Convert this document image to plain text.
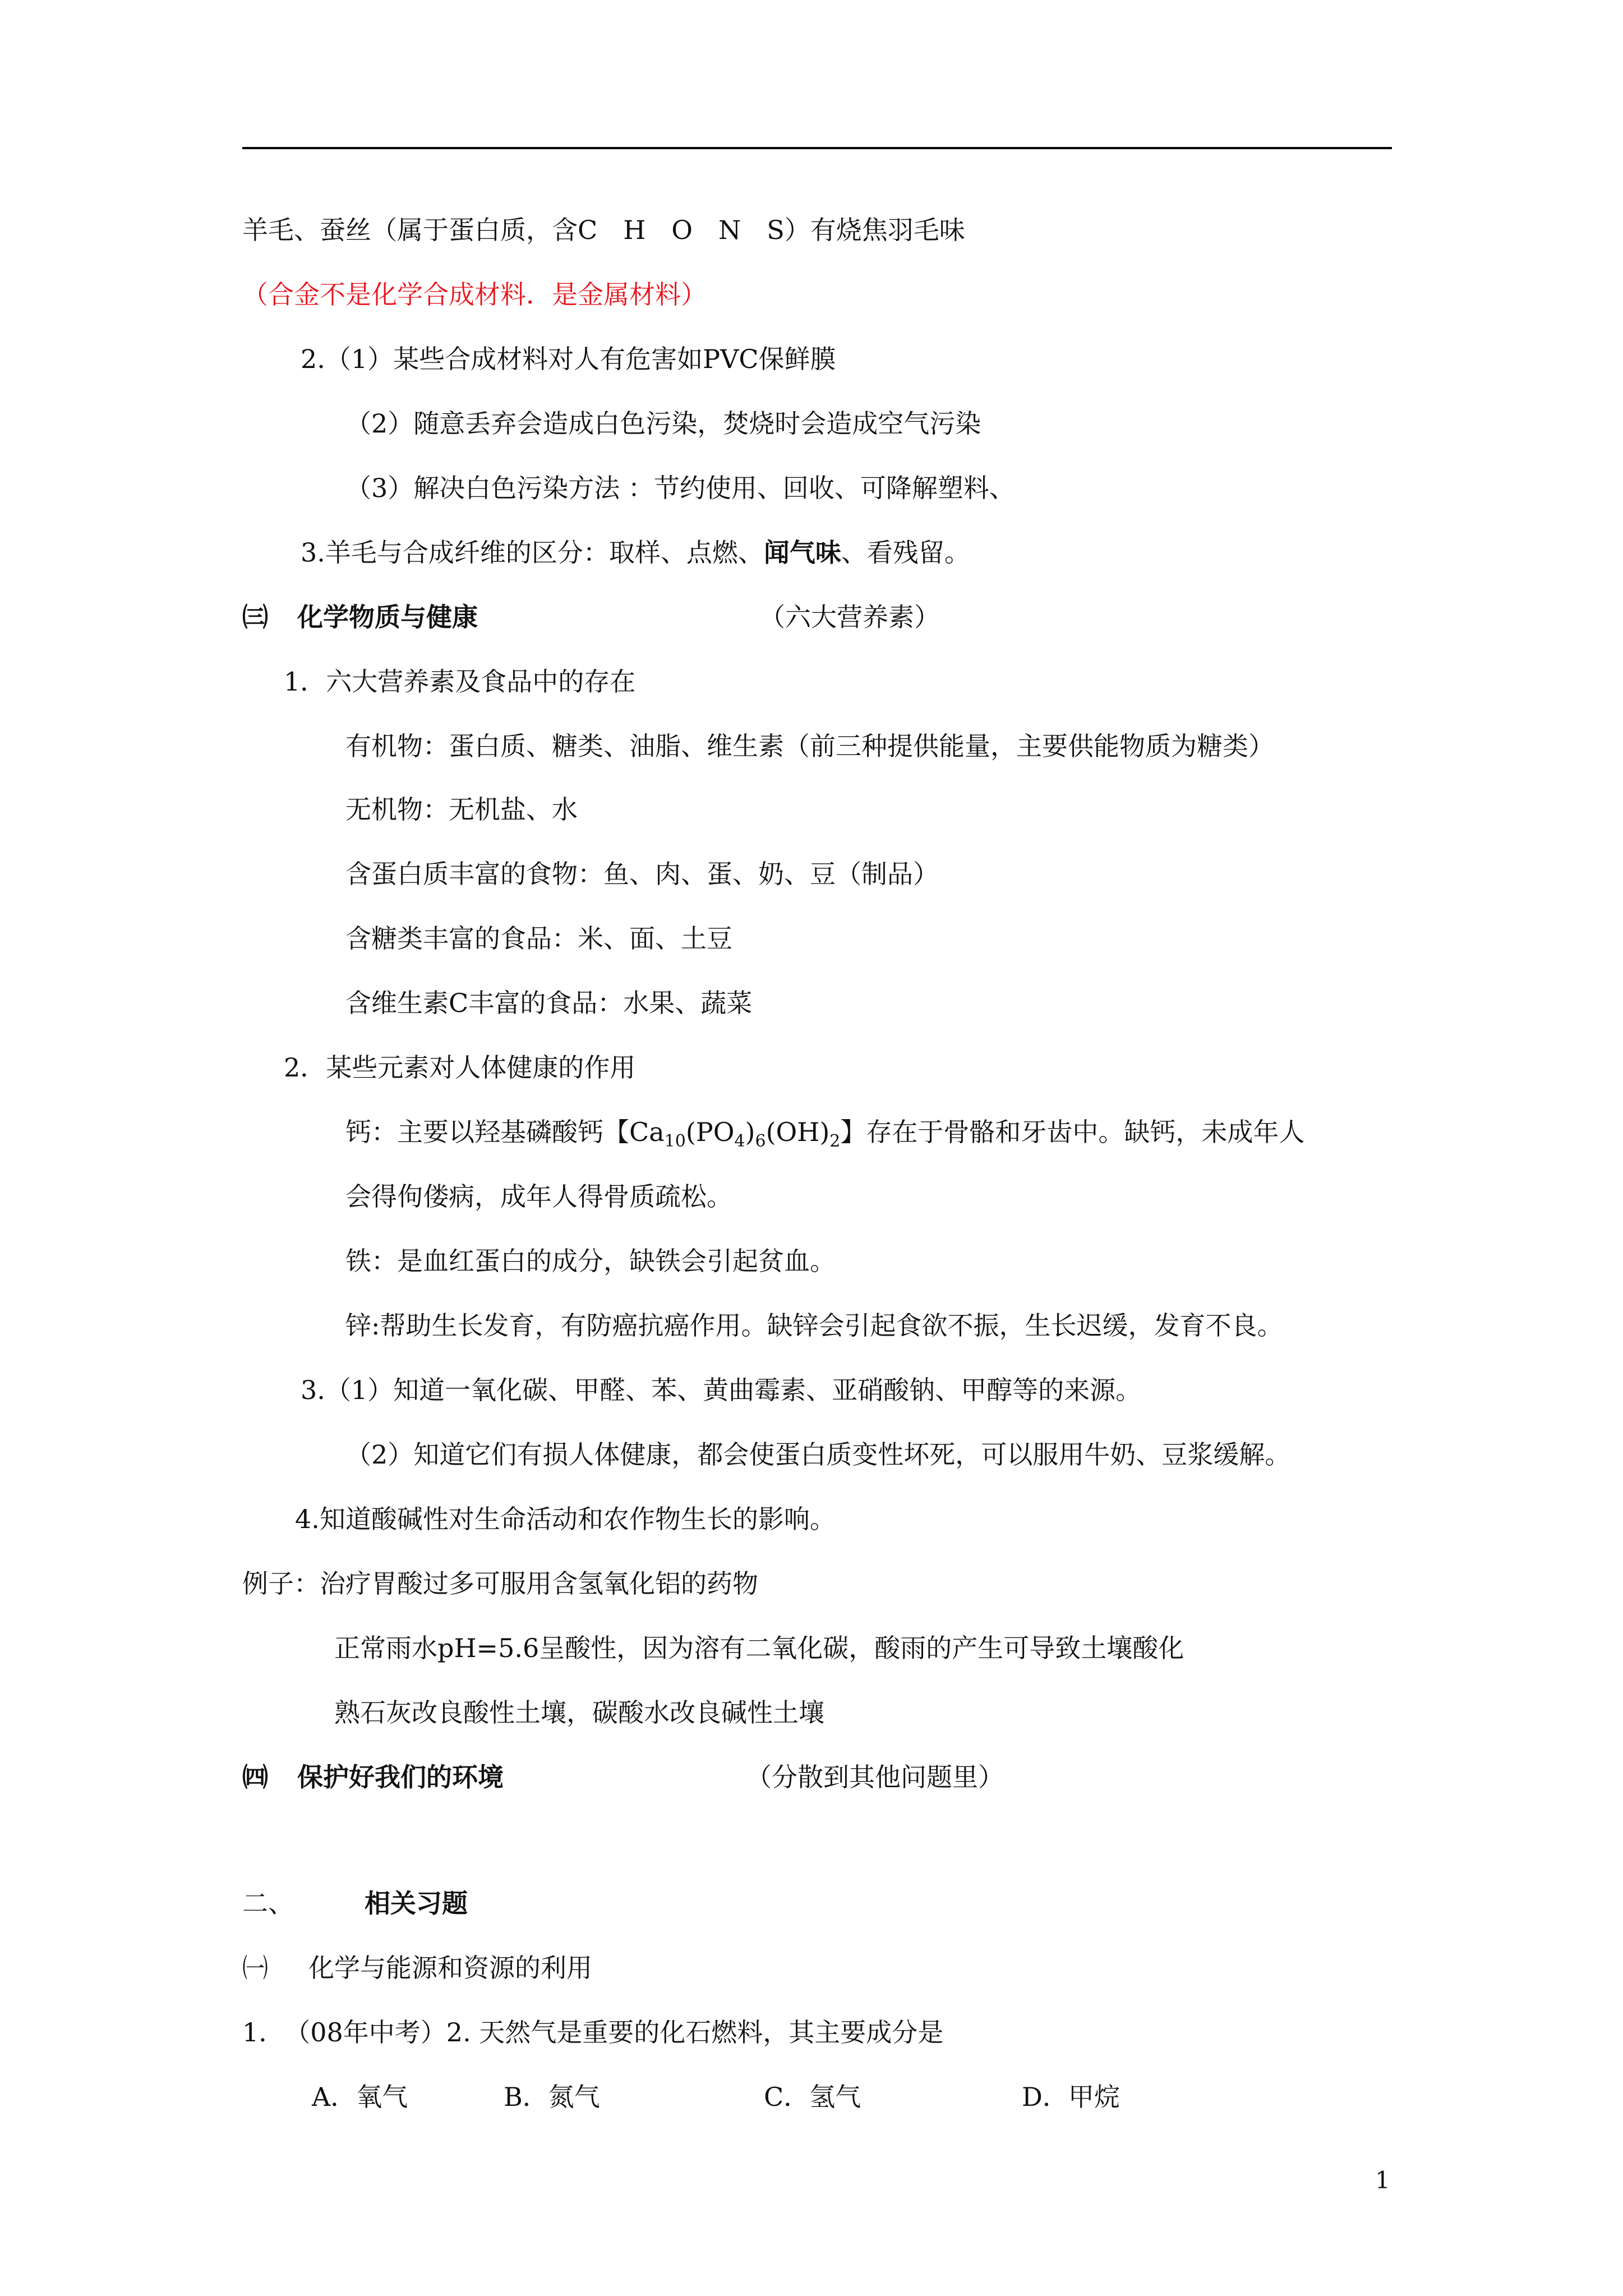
羊毛、蚕丝（属于蛋白质，含C　H　O　N　S）有烧焦羽毛味
（合金不是化学合成材料．是金属材料）
2.（1）某些合成材料对人有危害如PVC保鲜膜
（2）随意丢弃会造成白色污染，焚烧时会造成空气污染
（3）解决白色污染方法 ：节约使用、回收、可降解塑料、
3.羊毛与合成纤维的区分：取样、点燃、闻气味、看残留。
㈢ 化学物质与健康	（六大营养素）
1．六大营养素及食品中的存在
有机物：蛋白质、糖类、油脂、维生素（前三种提供能量，主要供能物质为糖类）
无机物：无机盐、水
含蛋白质丰富的食物：鱼、肉、蛋、奶、豆（制品）
含糖类丰富的食品：米、面、土豆
含维生素C丰富的食品：水果、蔬菜
2．某些元素对人体健康的作用
钙：主要以羟基磷酸钙【$Ca_{10}(PO_4)_6(OH)_2$】存在于骨骼和牙齿中。缺钙，未成年人
会得佝偻病，成年人得骨质疏松。
铁：是血红蛋白的成分，缺铁会引起贫血。
锌:帮助生长发育，有防癌抗癌作用。缺锌会引起食欲不振，生长迟缓，发育不良。
3.（1）知道一氧化碳、甲醛、苯、黄曲霉素、亚硝酸钠、甲醇等的来源。
（2）知道它们有损人体健康，都会使蛋白质变性坏死，可以服用牛奶、豆浆缓解。
4.知道酸碱性对生命活动和农作物生长的影响。
例子：治疗胃酸过多可服用含氢氧化铝的药物
正常雨水pH=5.6呈酸性，因为溶有二氧化碳，酸雨的产生可导致土壤酸化
熟石灰改良酸性土壤，碳酸水改良碱性土壤
㈣ 保护好我们的环境	（分散到其他问题里）
二、	相关习题
㈠ 化学与能源和资源的利用
1．　（08年中考）2. 天然气是重要的化石燃料，其主要成分是
A．氧气	B．氮气	C．氢气	D．甲烷
1
